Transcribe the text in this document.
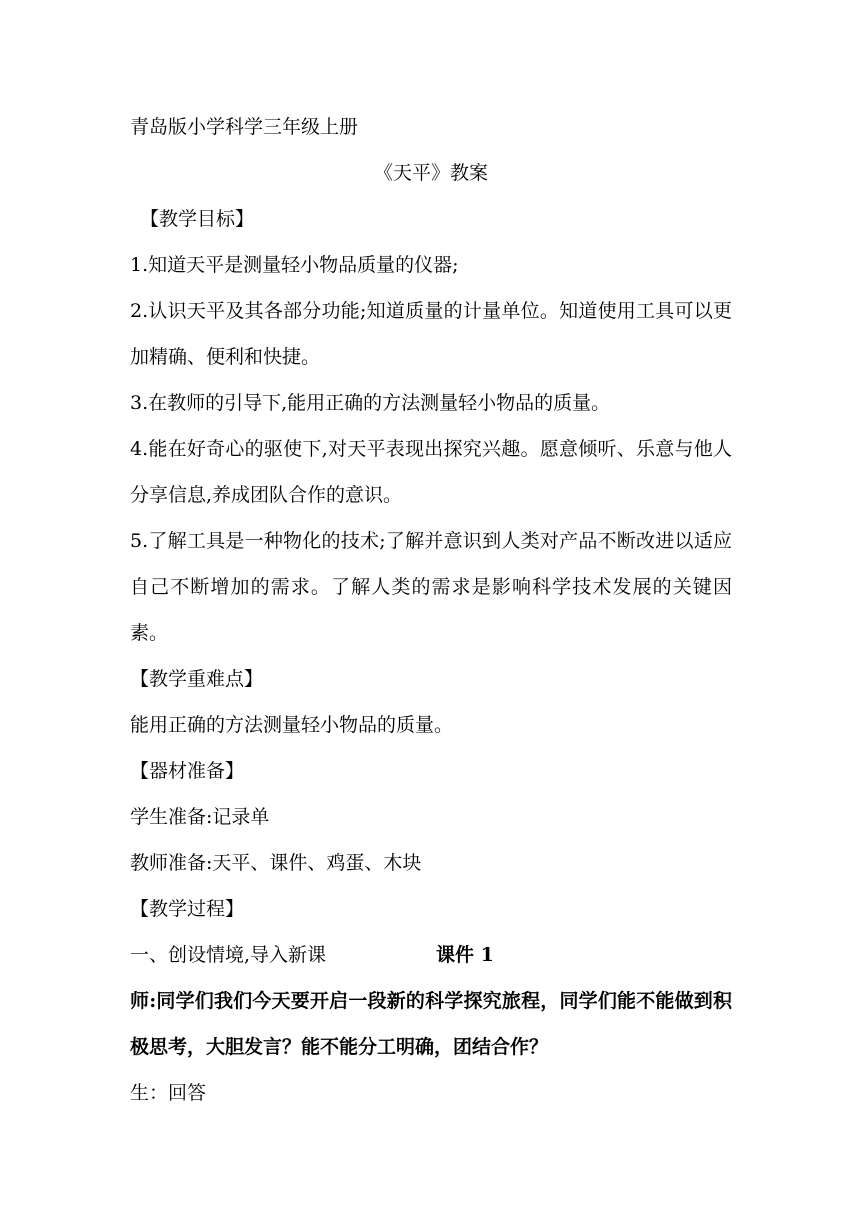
青岛版小学科学三年级上册
《天平》教案
【教学目标】
1.知道天平是测量轻小物品质量的仪器;
2.认识天平及其各部分功能;知道质量的计量单位。知道使用工具可以更加精确、便利和快捷。
3.在教师的引导下,能用正确的方法测量轻小物品的质量。
4.能在好奇心的驱使下,对天平表现出探究兴趣。愿意倾听、乐意与他人分享信息,养成团队合作的意识。
5.了解工具是一种物化的技术;了解并意识到人类对产品不断改进以适应自己不断增加的需求。了解人类的需求是影响科学技术发展的关键因素。
【教学重难点】
能用正确的方法测量轻小物品的质量。
【器材准备】
学生准备:记录单
教师准备:天平、课件、鸡蛋、木块
【教学过程】
一、创设情境,导入新课	课件 1
师:同学们我们今天要开启一段新的科学探究旅程，同学们能不能做到积极思考，大胆发言？能不能分工明确，团结合作？
生：回答
